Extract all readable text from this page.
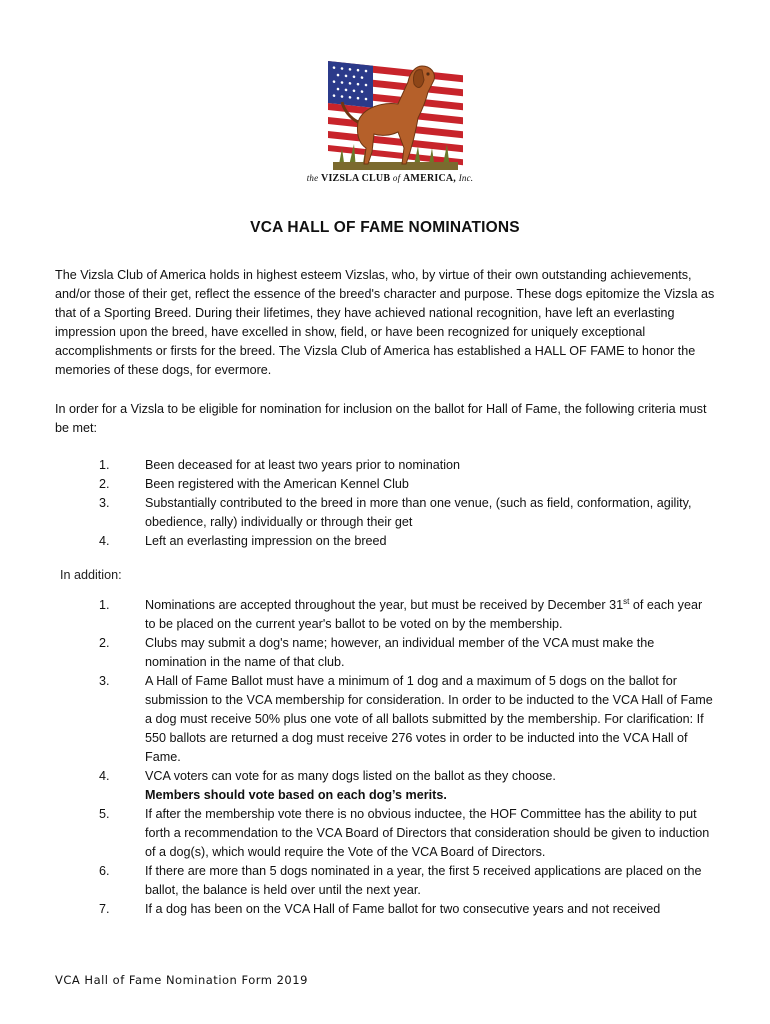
the VIZSLA CLUB of AMERICA, Inc.
VCA HALL OF FAME NOMINATIONS

The Vizsla Club of America holds in highest esteem Vizslas, who, by virtue of their own outstanding achievements, and/or those of their get, reflect the essence of the breed's character and purpose. These dogs epitomize the Vizsla as that of a Sporting Breed. During their lifetimes, they have achieved national recognition, have left an everlasting impression upon the breed, have excelled in show, field, or have been recognized for uniquely exceptional accomplishments or firsts for the breed. The Vizsla Club of America has established a HALL OF FAME to honor the memories of these dogs, for evermore.

In order for a Vizsla to be eligible for nomination for inclusion on the ballot for Hall of Fame, the following criteria must be met:

1.	Been deceased for at least two years prior to nomination
2.	Been registered with the American Kennel Club
3.	Substantially contributed to the breed in more than one venue, (such as field, conformation, agility, obedience, rally) individually or through their get
4.	Left an everlasting impression on the breed
In addition:
1.	Nominations are accepted throughout the year, but must be received by December 31st of each year to be placed on the current year's ballot to be voted on by the membership.
2.	Clubs may submit a dog's name; however, an individual member of the VCA must make the nomination in the name of that club.
3.	A Hall of Fame Ballot must have a minimum of 1 dog and a maximum of 5 dogs on the ballot for submission to the VCA membership for consideration. In order to be inducted to the VCA Hall of Fame a dog must receive 50% plus one vote of all ballots submitted by the membership. For clarification: If 550 ballots are returned a dog must receive 276 votes in order to be inducted into the VCA Hall of Fame.
4.	VCA voters can vote for as many dogs listed on the ballot as they choose.
Members should vote based on each dog’s merits.
5.	If after the membership vote there is no obvious inductee, the HOF Committee has the ability to put forth a recommendation to the VCA Board of Directors that consideration should be given to induction of a dog(s), which would require the Vote of the VCA Board of Directors.
6.	If there are more than 5 dogs nominated in a year, the first 5 received applications are placed on the ballot, the balance is held over until the next year.
7.	If a dog has been on the VCA Hall of Fame ballot for two consecutive years and not received
VCA Hall of Fame Nomination Form 2019
